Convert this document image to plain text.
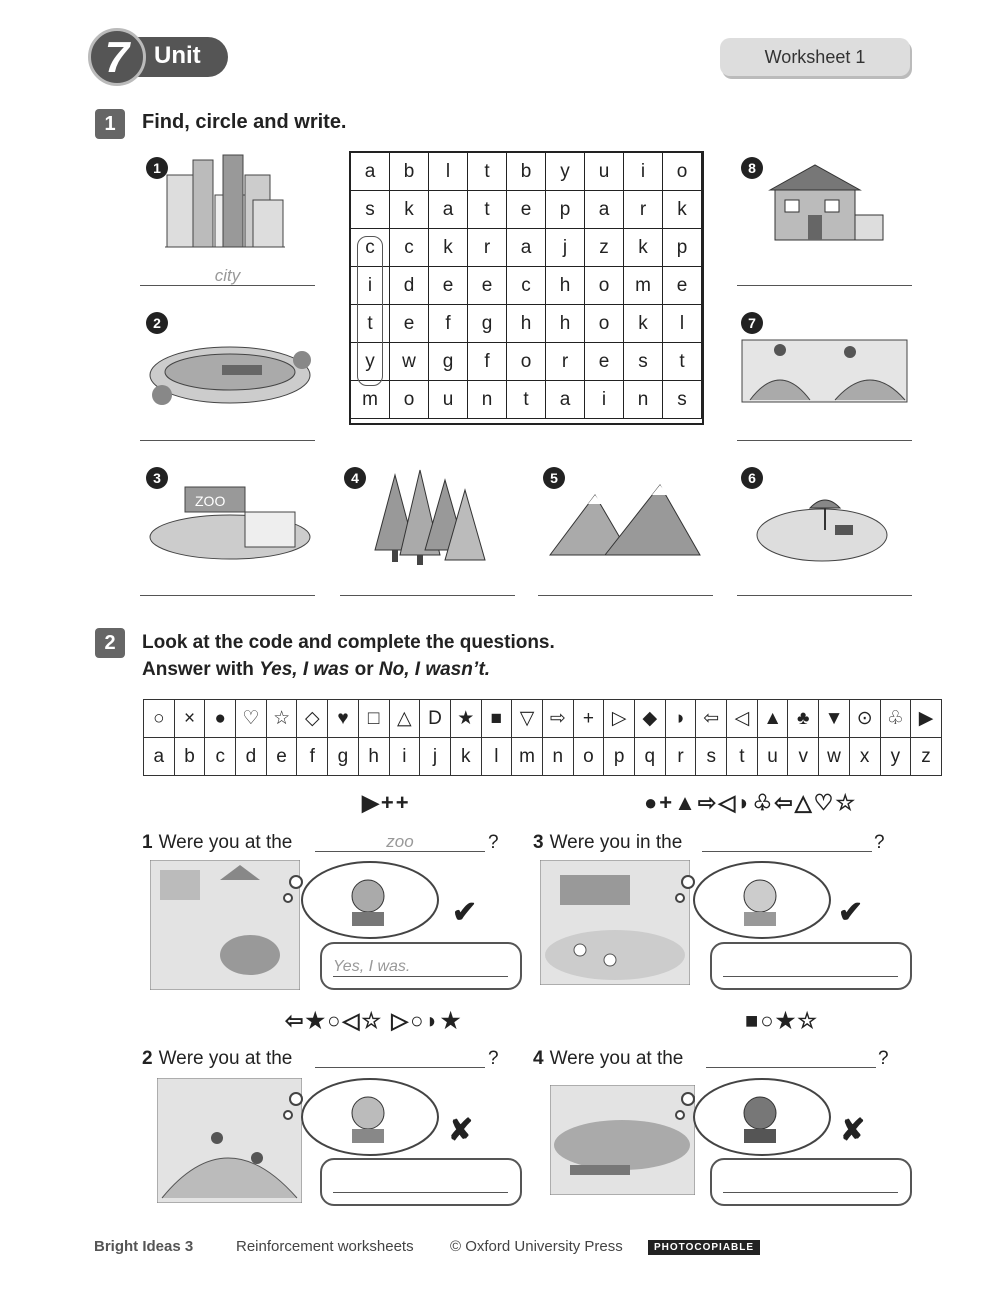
7	Unit	Worksheet 1
1	Find, circle and write.
a	b	l	t	b	y	u	i	o
s	k	a	t	e	p	a	r	k
c	c	k	r	a	j	z	k	p
i	d	e	e	c	h	o	m	e
t	e	f	g	h	h	o	k	l
y	w	g	f	o	r	e	s	t
m	o	u	n	t	a	i	n	s
1
city
2
8
7
3
ZOO
4	5	6
2	Look at the code and complete the questions.
Answer with Yes, I was or No, I wasn’t.
○	×	●	♡	☆	◇	♥	□	△	D	★	■	▽	⇨	+	▷	◆	◗	⇦	◁	▲	♣	▼	⊙	♧	▶
a	b	c	d	e	f	g	h	i	j	k	l	m	n	o	p	q	r	s	t	u	v	w	x	y	z
▶++
1 Were you at the	zoo	?
✔
Yes, I was.
●+▲⇨◁◗♧⇦△♡☆
3 Were you in the	?
✔
⇦★○◁☆ ▷○◗★
2 Were you at the	?
✘
■○★☆
4 Were you at the	?
✘
Bright Ideas 3	Reinforcement worksheets © Oxford University Press	PHOTOCOPIABLE
